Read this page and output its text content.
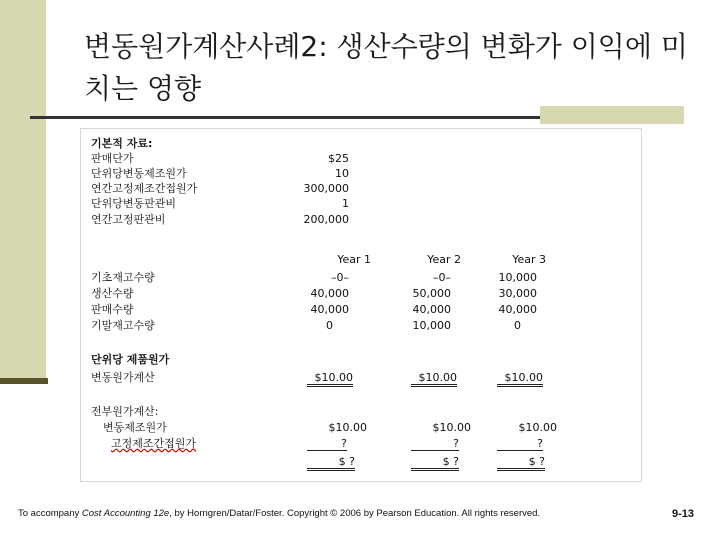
변동원가계산사례2: 생산수량의 변화가 이익에 미치는 영향
기본적 자료:
판매단가	$25
단위당변동제조원가	10
연간고정제조간접원가	300,000
단위당변동판관비	1
연간고정판관비	200,000
Year 1	Year 2	Year 3
기초재고수량	–0–	–0–	10,000
생산수량	40,000	50,000	30,000
판매수량	40,000	40,000	40,000
기말재고수량	0	10,000	0
단위당 제품원가
변동원가계산	$10.00	$10.00	$10.00
전부원가계산:
변동제조원가	$10.00	$10.00	$10.00
고정제조간접원가	?	?	?
$ ?	$ ?	$ ?
To accompany Cost Accounting 12e, by Horngren/Datar/Foster. Copyright © 2006 by Pearson Education. All rights reserved.	9-13
